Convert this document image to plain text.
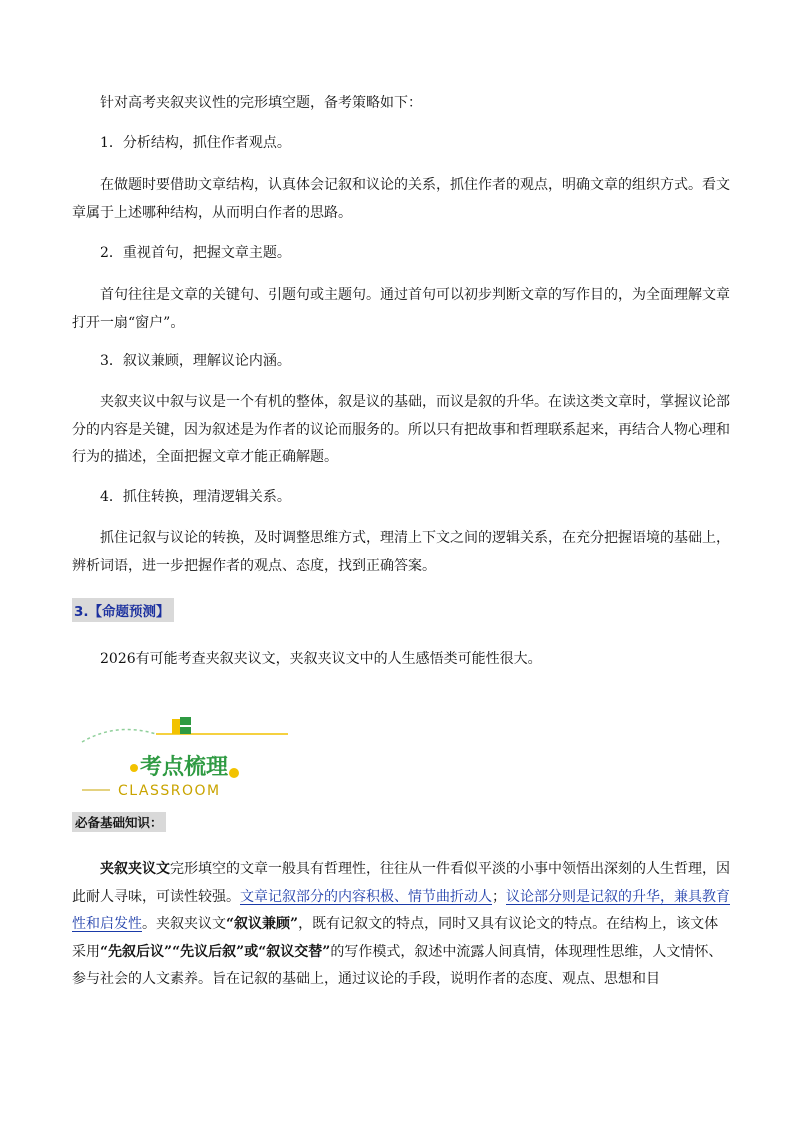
针对高考夹叙夹议性的完形填空题，备考策略如下：

1．分析结构，抓住作者观点。

在做题时要借助文章结构，认真体会记叙和议论的关系，抓住作者的观点，明确文章的组织方式。看文章属于上述哪种结构，从而明白作者的思路。

2．重视首句，把握文章主题。

首句往往是文章的关键句、引题句或主题句。通过首句可以初步判断文章的写作目的，为全面理解文章打开一扇“窗户”。

3．叙议兼顾，理解议论内涵。

夹叙夹议中叙与议是一个有机的整体，叙是议的基础，而议是叙的升华。在读这类文章时，掌握议论部分的内容是关键，因为叙述是为作者的议论而服务的。所以只有把故事和哲理联系起来，再结合人物心理和行为的描述，全面把握文章才能正确解题。

4．抓住转换，理清逻辑关系。

抓住记叙与议论的转换，及时调整思维方式，理清上下文之间的逻辑关系，在充分把握语境的基础上，辨析词语，进一步把握作者的观点、态度，找到正确答案。

3.【命题预测】

2026有可能考查夹叙夹议文，夹叙夹议文中的人生感悟类可能性很大。

考点梳理
CLASSROOM
必备基础知识：

夹叙夹议文完形填空的文章一般具有哲理性，往往从一件看似平淡的小事中领悟出深刻的人生哲理，因此耐人寻味，可读性较强。文章记叙部分的内容积极、情节曲折动人；议论部分则是记叙的升华，兼具教育性和启发性。夹叙夹议文“叙议兼顾”，既有记叙文的特点，同时又具有议论文的特点。在结构上，该文体采用“先叙后议”“先议后叙”或“叙议交替”的写作模式，叙述中流露人间真情，体现理性思维，人文情怀、参与社会的人文素养。旨在记叙的基础上，通过议论的手段，说明作者的态度、观点、思想和目
